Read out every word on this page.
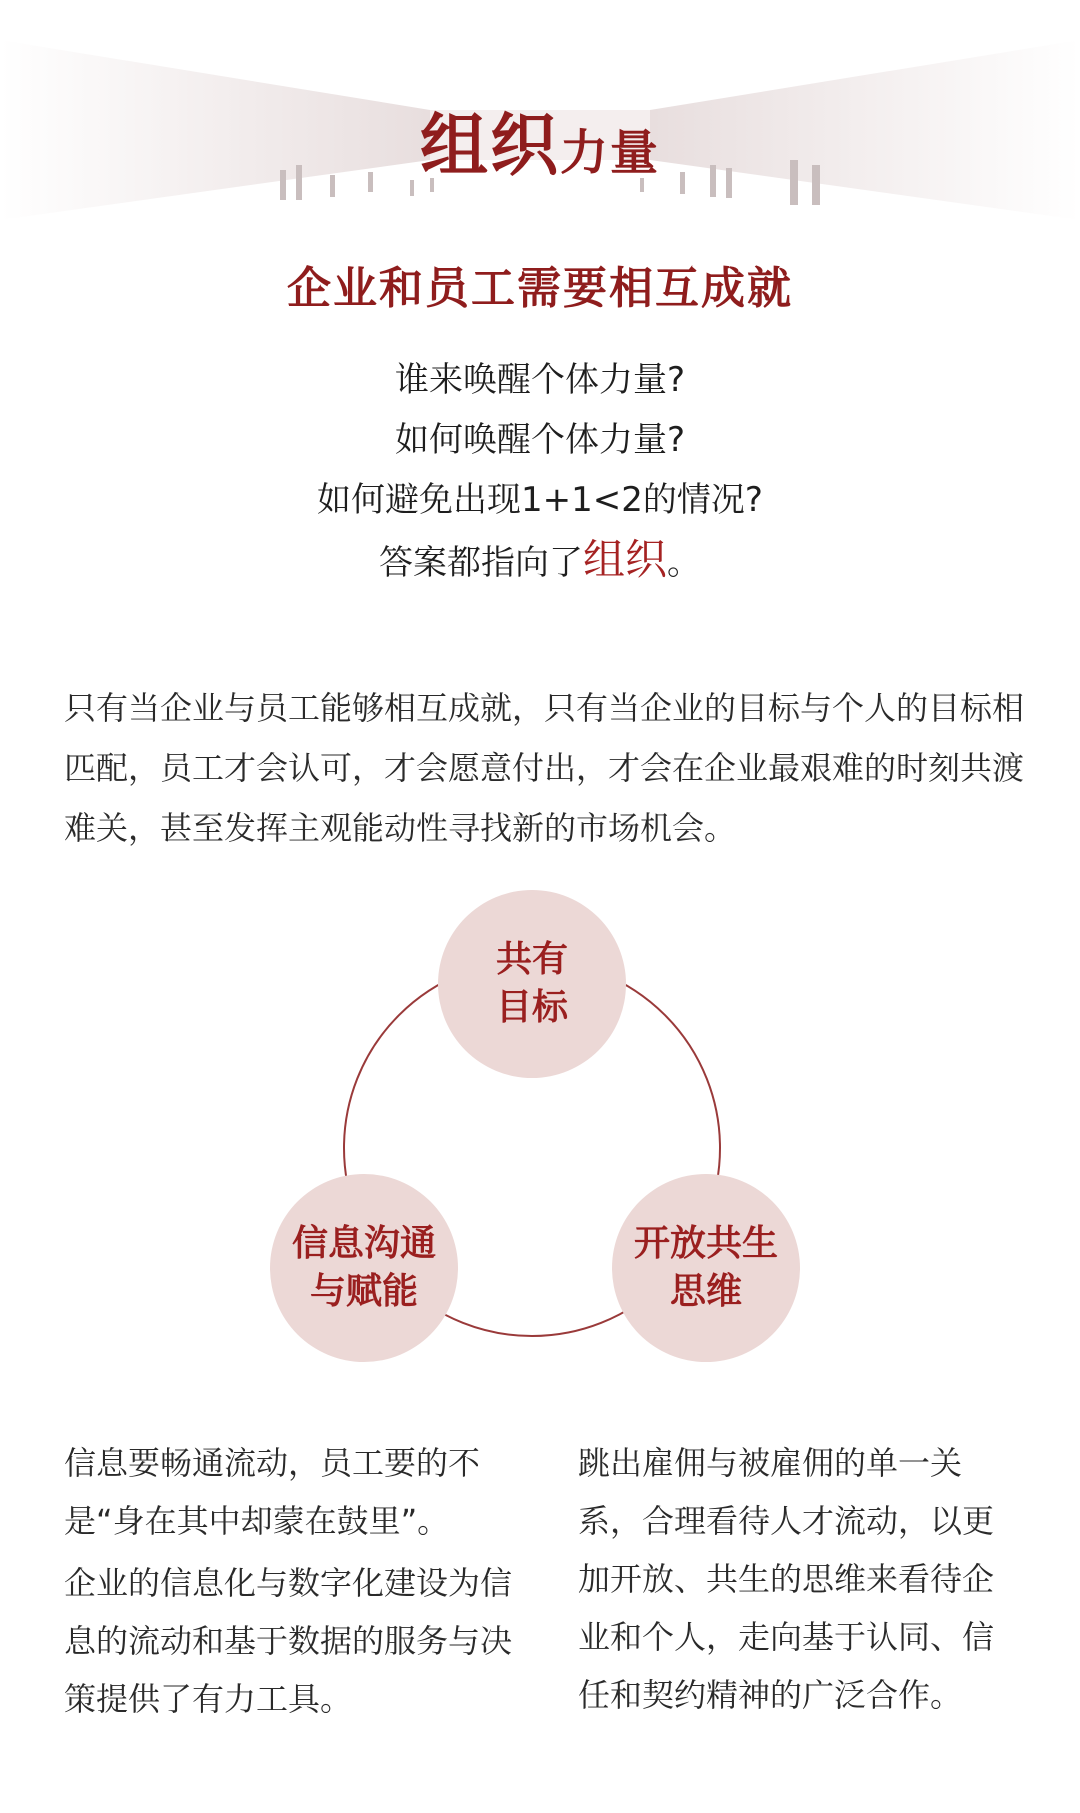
组织力量
企业和员工需要相互成就
谁来唤醒个体力量?
如何唤醒个体力量?
如何避免出现1+1<2的情况?
答案都指向了组织。
只有当企业与员工能够相互成就，只有当企业的目标与个人的目标相匹配，员工才会认可，才会愿意付出，才会在企业最艰难的时刻共渡难关，甚至发挥主观能动性寻找新的市场机会。
共有
目标
信息沟通
与赋能
开放共生
思维

信息要畅通流动，员工要的不是“身在其中却蒙在鼓里”。

企业的信息化与数字化建设为信息的流动和基于数据的服务与决策提供了有力工具。

跳出雇佣与被雇佣的单一关系，合理看待人才流动，以更加开放、共生的思维来看待企业和个人，走向基于认同、信任和契约精神的广泛合作。
